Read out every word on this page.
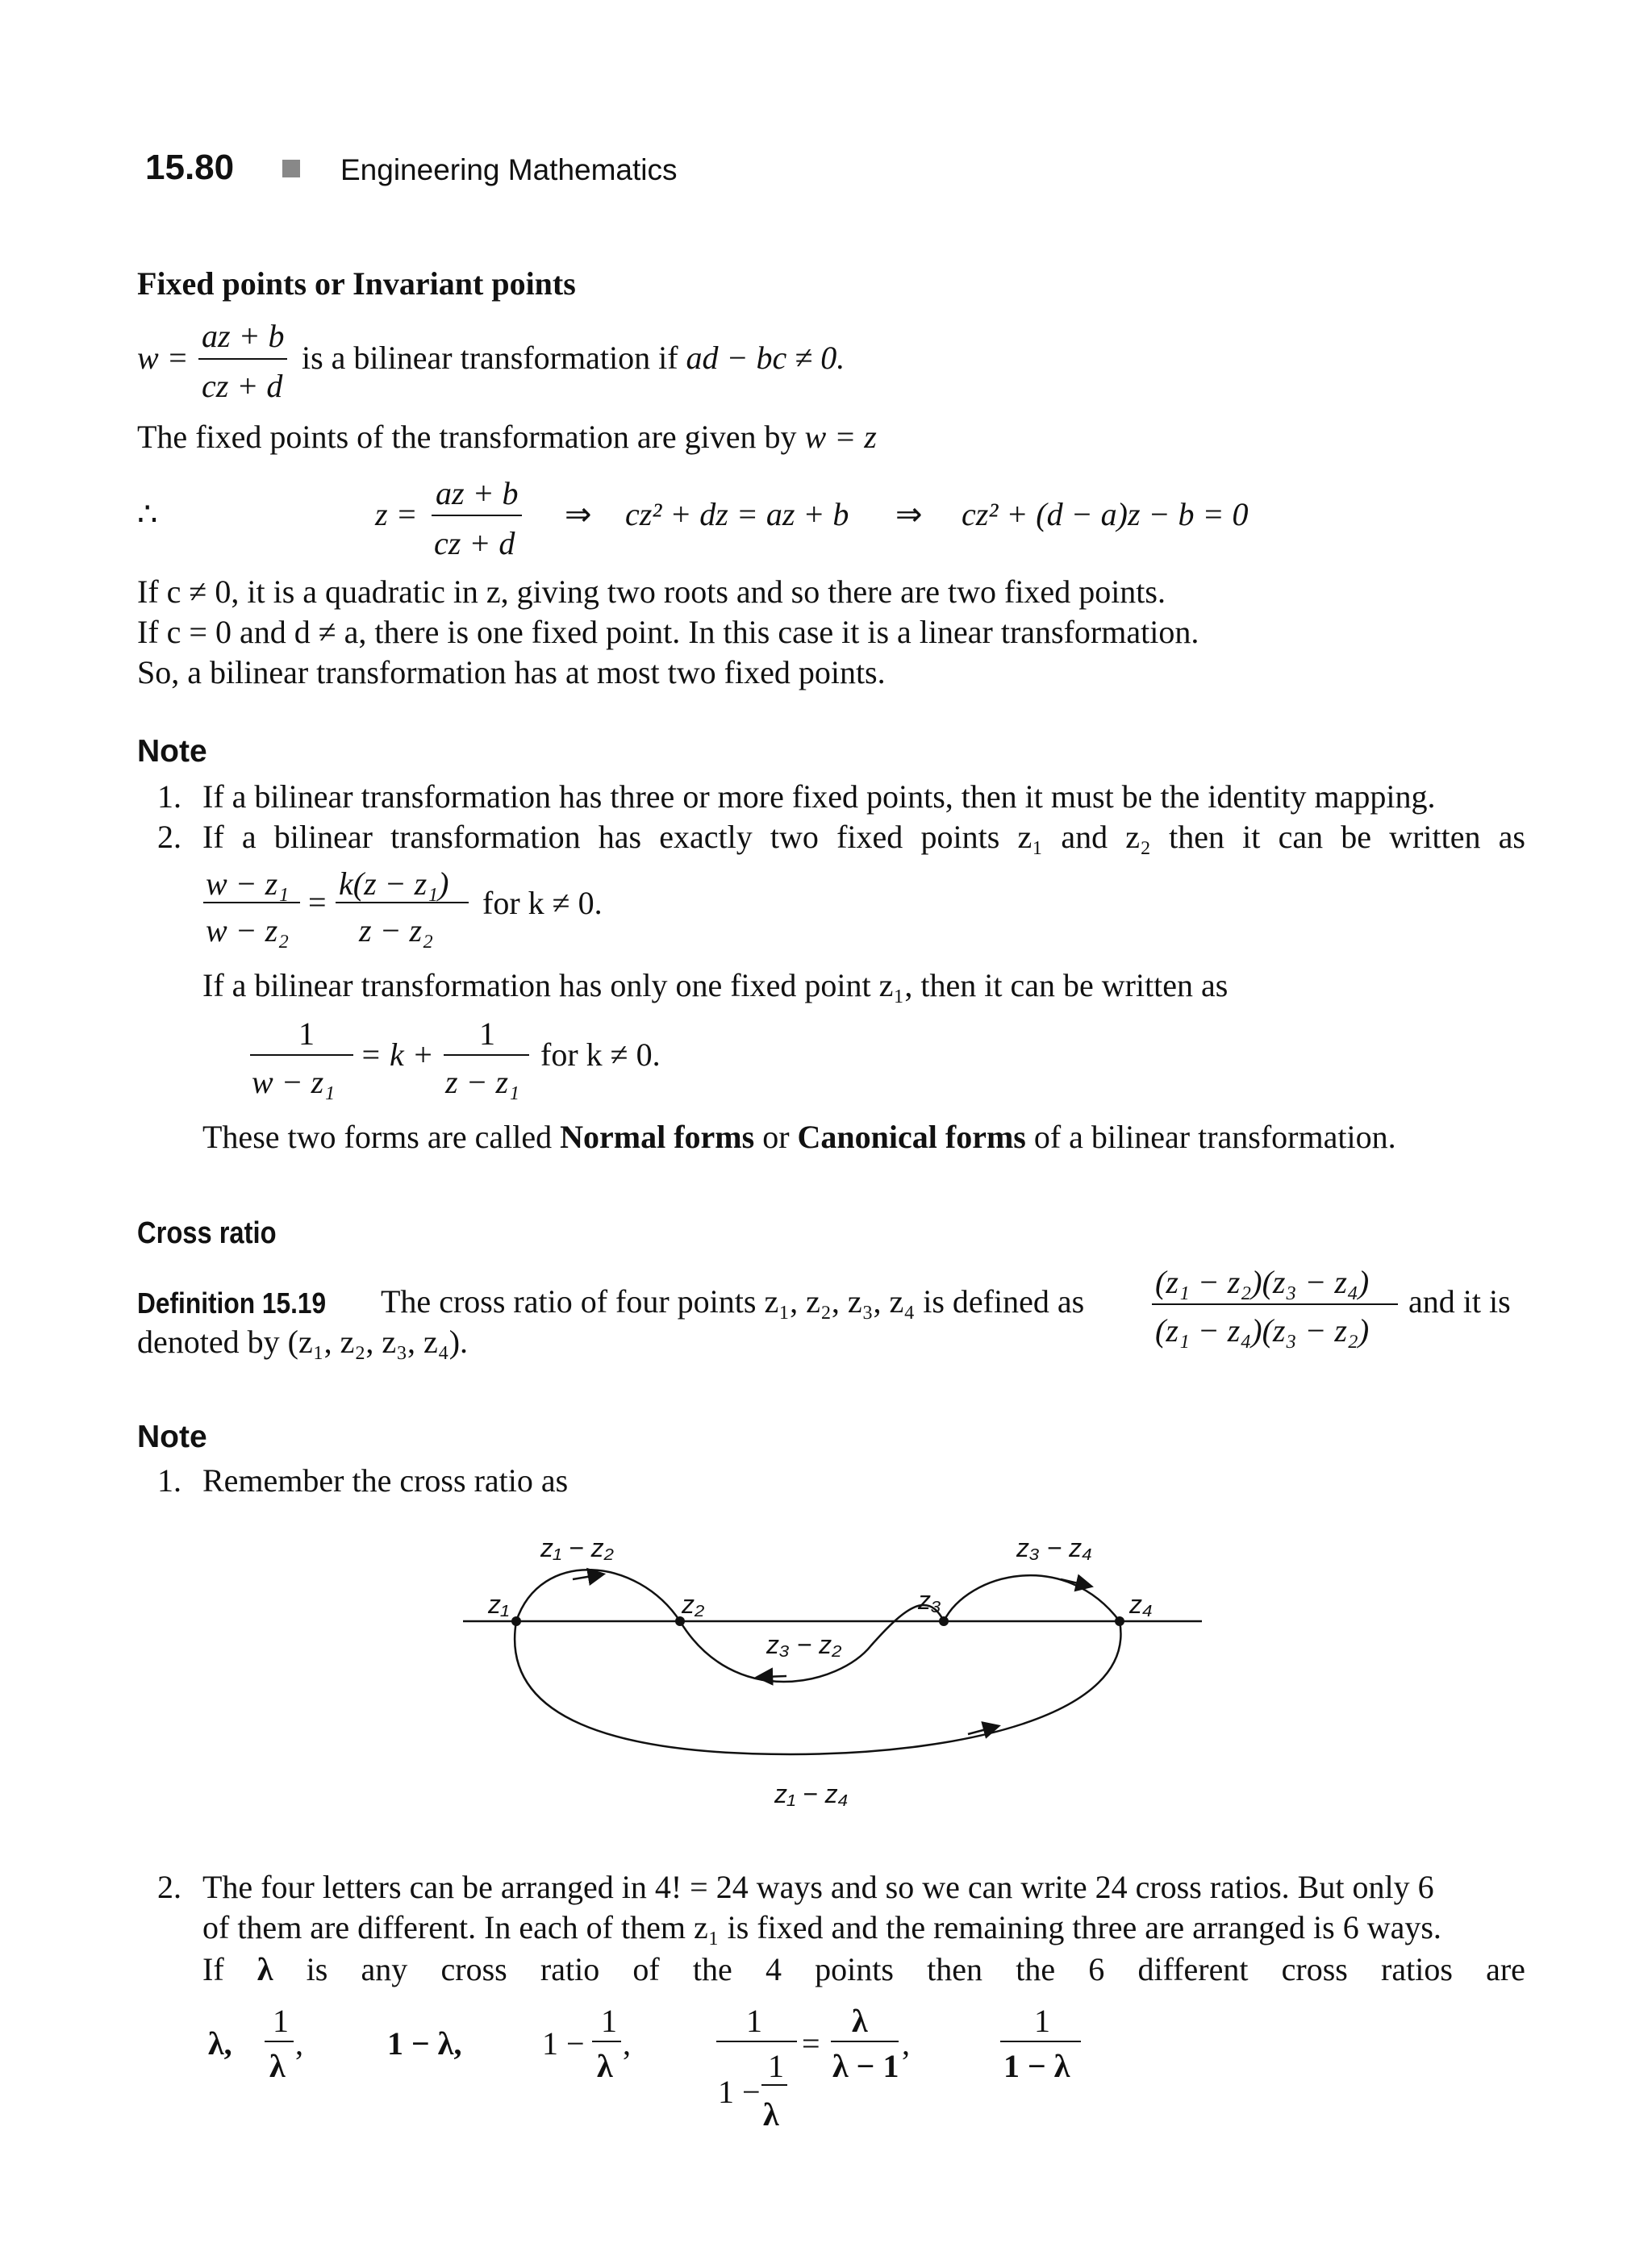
15.80	Engineering Mathematics
Fixed points or Invariant points
w =
az + b
cz + d
is a bilinear transformation if ad − bc ≠ 0.
The fixed points of the transformation are given by w = z
∴	z =
az + b
cz + d
⇒ cz² + dz = az + b ⇒ cz² + (d − a)z − b = 0
If c ≠ 0, it is a quadratic in z, giving two roots and so there are two fixed points.
If c = 0 and d ≠ a, there is one fixed point. In this case it is a linear transformation.
So, a bilinear transformation has at most two fixed points.
Note
1. If a bilinear transformation has three or more fixed points, then it must be the identity mapping.
2. If a bilinear transformation has exactly two fixed points z₁ and z₂ then it can be written as
w − z₁
w − z₂
=
k(z − z₁)
z − z₂
for k ≠ 0.
If a bilinear transformation has only one fixed point z₁, then it can be written as
1
w − z₁
= k +
1
z − z₁
for k ≠ 0.
These two forms are called Normal forms or Canonical forms of a bilinear transformation.
Cross ratio
Definition 15.19 The cross ratio of four points z₁, z₂, z₃, z₄ is defined as
(z₁ − z₂)(z₃ − z₄)
(z₁ − z₄)(z₃ − z₂)
and it is
denoted by (z₁, z₂, z₃, z₄).
Note
1. Remember the cross ratio as
z₁	z₂	z₃	z₄
z₁ − z₂	z₃ − z₄
z₃ − z₂
z₁ − z₄
2. The four letters can be arranged in 4! = 24 ways and so we can write 24 cross ratios. But only 6
of them are different. In each of them z₁ is fixed and the remaining three are arranged is 6 ways.
If λ is any cross ratio of the 4 points then the 6 different cross ratios are
λ,
1
λ
,	1 − λ, 1 −
1
λ
,
1
1 −
1
λ
=
λ
λ − 1
,
1
1 − λ
